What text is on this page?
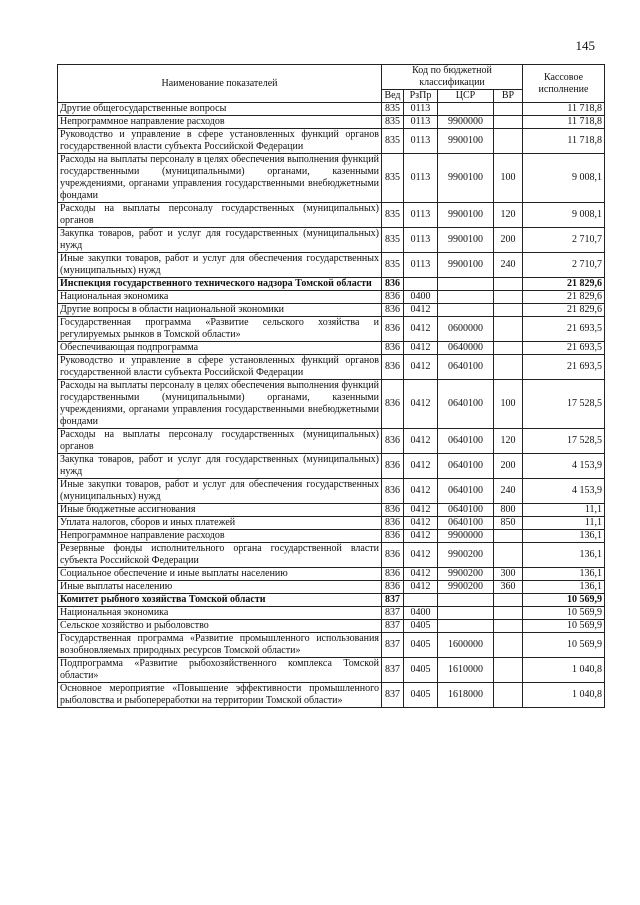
145
Наименование показателей	Код по бюджетной классификации				Кассовое исполнение
	Вед	РзПр	ЦСР	ВР	
Другие общегосударственные вопросы	835	0113			11 718,8
Непрограммное направление расходов	835	0113	9900000		11 718,8
Руководство и управление в сфере установленных функций органов государственной власти субъекта Российской Федерации	835	0113	9900100		11 718,8
Расходы на выплаты персоналу в целях обеспечения выполнения функций государственными (муниципальными) органами, казенными учреждениями, органами управления государственными внебюджетными фондами	835	0113	9900100	100	9 008,1
Расходы на выплаты персоналу государственных (муниципальных) органов	835	0113	9900100	120	9 008,1
Закупка товаров, работ и услуг для государственных (муниципальных) нужд	835	0113	9900100	200	2 710,7
Иные закупки товаров, работ и услуг для обеспечения государственных (муниципальных) нужд	835	0113	9900100	240	2 710,7
Инспекция государственного технического надзора Томской области	836				21 829,6
Национальная экономика	836	0400			21 829,6
Другие вопросы в области национальной экономики	836	0412			21 829,6
Государственная программа «Развитие сельского хозяйства и регулируемых рынков в Томской области»	836	0412	0600000		21 693,5
Обеспечивающая подпрограмма	836	0412	0640000		21 693,5
Руководство и управление в сфере установленных функций органов государственной власти субъекта Российской Федерации	836	0412	0640100		21 693,5
Расходы на выплаты персоналу в целях обеспечения выполнения функций государственными (муниципальными) органами, казенными учреждениями, органами управления государственными внебюджетными фондами	836	0412	0640100	100	17 528,5
Расходы на выплаты персоналу государственных (муниципальных) органов	836	0412	0640100	120	17 528,5
Закупка товаров, работ и услуг для государственных (муниципальных) нужд	836	0412	0640100	200	4 153,9
Иные закупки товаров, работ и услуг для обеспечения государственных (муниципальных) нужд	836	0412	0640100	240	4 153,9
Иные бюджетные ассигнования	836	0412	0640100	800	11,1
Уплата налогов, сборов и иных платежей	836	0412	0640100	850	11,1
Непрограммное направление расходов	836	0412	9900000		136,1
Резервные фонды исполнительного органа государственной власти субъекта Российской Федерации	836	0412	9900200		136,1
Социальное обеспечение и иные выплаты населению	836	0412	9900200	300	136,1
Иные выплаты населению	836	0412	9900200	360	136,1
Комитет рыбного хозяйства Томской области	837				10 569,9
Национальная экономика	837	0400			10 569,9
Сельское хозяйство и рыболовство	837	0405			10 569,9
Государственная программа «Развитие промышленного использования возобновляемых природных ресурсов Томской области»	837	0405	1600000		10 569,9
Подпрограмма «Развитие рыбохозяйственного комплекса Томской области»	837	0405	1610000		1 040,8
Основное мероприятие «Повышение эффективности промышленного рыболовства и рыбопереработки на территории Томской области»	837	0405	1618000		1 040,8
